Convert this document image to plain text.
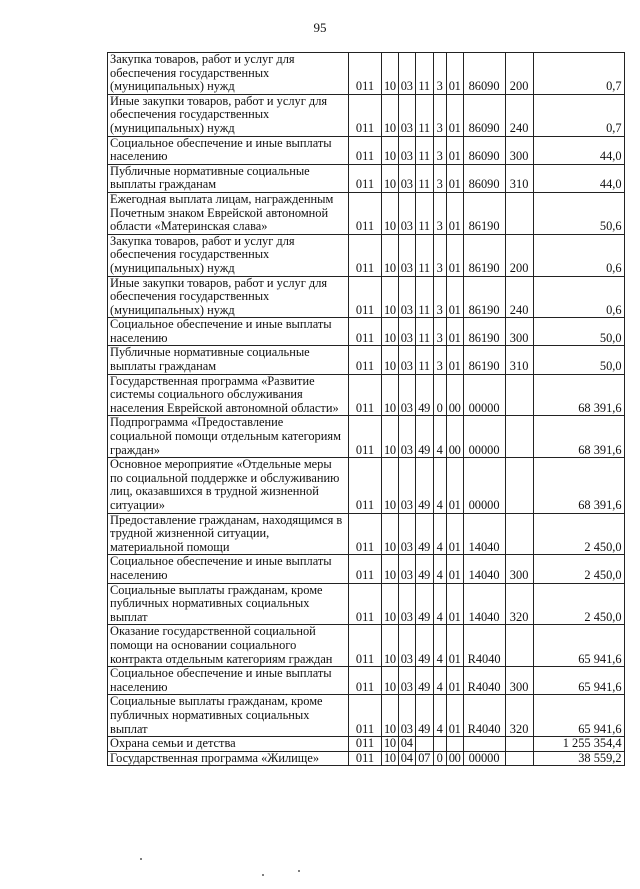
95
Закупка товаров, работ и услуг для обеспечения государственных (муниципальных) нужд	011	10	03	11	3	01	86090	200	0,7
Иные закупки товаров, работ и услуг для обеспечения государственных (муниципальных) нужд	011	10	03	11	3	01	86090	240	0,7
Социальное обеспечение и иные выплаты населению	011	10	03	11	3	01	86090	300	44,0
Публичные нормативные социальные выплаты гражданам	011	10	03	11	3	01	86090	310	44,0
Ежегодная выплата лицам, награжденным Почетным знаком Еврейской автономной области «Материнская слава»	011	10	03	11	3	01	86190		50,6
Закупка товаров, работ и услуг для обеспечения государственных (муниципальных) нужд	011	10	03	11	3	01	86190	200	0,6
Иные закупки товаров, работ и услуг для обеспечения государственных (муниципальных) нужд	011	10	03	11	3	01	86190	240	0,6
Социальное обеспечение и иные выплаты населению	011	10	03	11	3	01	86190	300	50,0
Публичные нормативные социальные выплаты гражданам	011	10	03	11	3	01	86190	310	50,0
Государственная программа «Развитие системы социального обслуживания населения Еврейской автономной области»	011	10	03	49	0	00	00000		68 391,6
Подпрограмма «Предоставление социальной помощи отдельным категориям граждан»	011	10	03	49	4	00	00000		68 391,6
Основное мероприятие «Отдельные меры по социальной поддержке и обслуживанию лиц, оказавшихся в трудной жизненной ситуации»	011	10	03	49	4	01	00000		68 391,6
Предоставление гражданам, находящимся в трудной жизненной ситуации, материальной помощи	011	10	03	49	4	01	14040		2 450,0
Социальное обеспечение и иные выплаты населению	011	10	03	49	4	01	14040	300	2 450,0
Социальные выплаты гражданам, кроме публичных нормативных социальных выплат	011	10	03	49	4	01	14040	320	2 450,0
Оказание государственной социальной помощи на основании социального контракта отдельным категориям граждан	011	10	03	49	4	01	R4040		65 941,6
Социальное обеспечение и иные выплаты населению	011	10	03	49	4	01	R4040	300	65 941,6
Социальные выплаты гражданам, кроме публичных нормативных социальных выплат	011	10	03	49	4	01	R4040	320	65 941,6
Охрана семьи и детства	011	10	04						1 255 354,4
Государственная программа «Жилище»	011	10	04	07	0	00	00000		38 559,2
